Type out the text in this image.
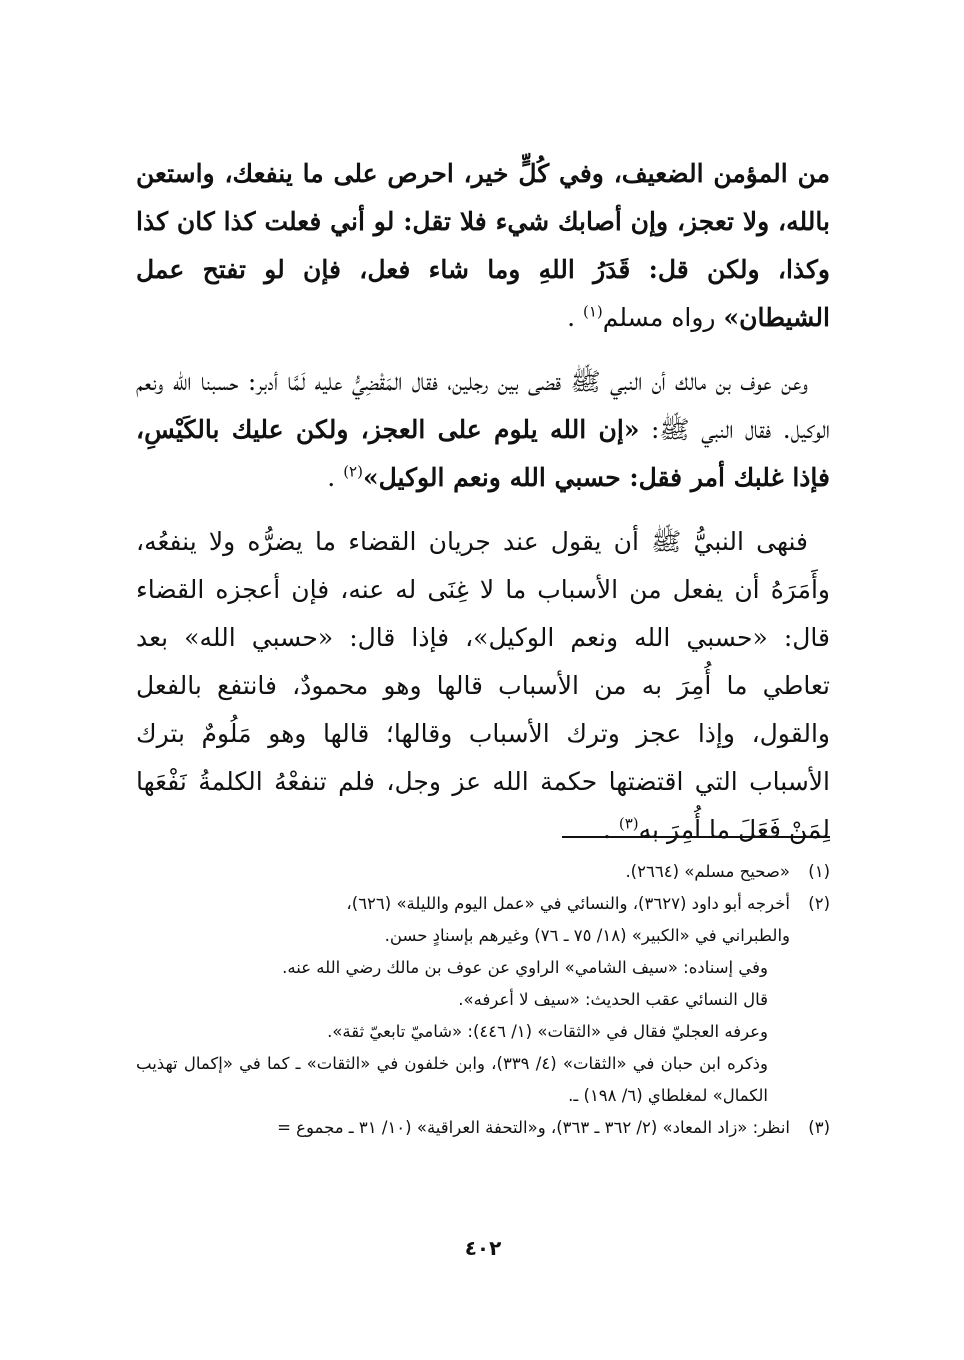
من المؤمن الضعيف، وفي كُلٍّ خير، احرص على ما ينفعك، واستعن بالله، ولا تعجز، وإن أصابك شيء فلا تقل: لو أني فعلت كذا كان كذا وكذا، ولكن قل: قَدَرُ اللهِ وما شاء فعل، فإن لو تفتح عمل الشيطان» رواه مسلم$^{(١)}$ .

وعن عوف بن مالك أن النبي ﷺ قضى بين رجلين، فقال المَقْضِيُّ عليه لَمَّا أدبر: حسبنا الله ونعم الوكيل. فقال النبي ﷺ: «إن الله يلوم على العجز، ولكن عليك بالكَيْسِ، فإذا غلبك أمر فقل: حسبي الله ونعم الوكيل»$^{(٢)}$ .

فنهى النبيُّ ﷺ أن يقول عند جريان القضاء ما يضرُّه ولا ينفعُه، وأَمَرَهُ أن يفعل من الأسباب ما لا غِنَى له عنه، فإن أعجزه القضاء قال: «حسبي الله ونعم الوكيل»، فإذا قال: «حسبي الله» بعد تعاطي ما أُمِرَ به من الأسباب قالها وهو محمودٌ، فانتفع بالفعل والقول، وإذا عجز وترك الأسباب وقالها؛ قالها وهو مَلُومٌ بترك الأسباب التي اقتضتها حكمة الله عز وجل، فلم تنفعْهُ الكلمةُ نَفْعَها لِمَنْ فَعَلَ ما أُمِرَ به$^{(٣)}$ .

(١)
«صحيح مسلم» (٢٦٦٤).
(٢)
أخرجه أبو داود (٣٦٢٧)، والنسائي في «عمل اليوم والليلة» (٦٢٦)،
والطبراني في «الكبير» (١٨/ ٧٥ ـ ٧٦) وغيرهم بإسنادٍ حسن.
وفي إسناده: «سيف الشامي» الراوي عن عوف بن مالك رضي الله عنه.
قال النسائي عقب الحديث: «سيف لا أعرفه».
وعرفه العجليّ فقال في «الثقات» (١/ ٤٤٦): «شاميّ تابعيّ ثقة».
وذكره ابن حبان في «الثقات» (٤/ ٣٣٩)، وابن خلفون في «الثقات» ـ كما في «إكمال تهذيب الكمال» لمغلطاي (٦/ ١٩٨) ـ.
(٣)
انظر: «زاد المعاد» (٢/ ٣٦٢ ـ ٣٦٣)، و«التحفة العراقية» (١٠/ ٣١ ـ مجموع =
٤٠٢
